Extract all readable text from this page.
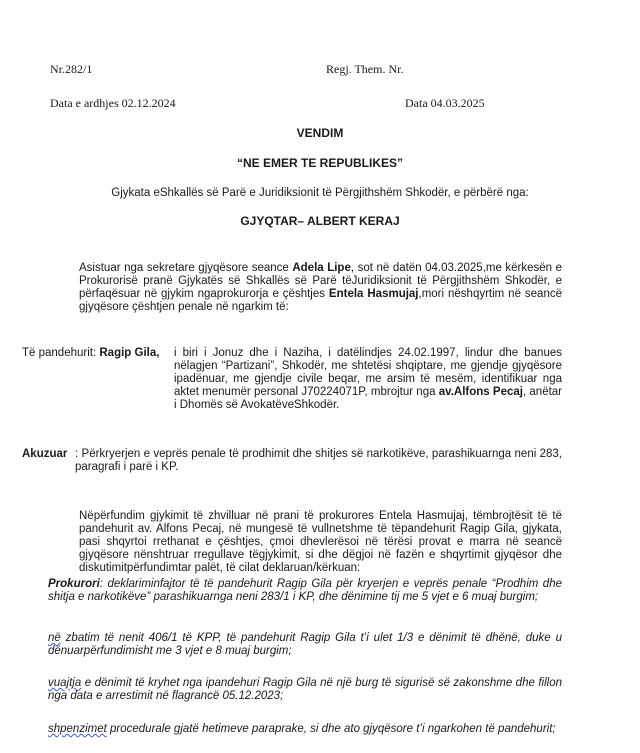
Nr.282/1	Regj. Them. Nr.
Data e ardhjes 02.12.2024	Data 04.03.2025
VENDIM
“NE EMER TE REPUBLIKES”
Gjykata eShkallës së Parë e Juridiksionit të Përgjithshëm Shkodër, e përbërë nga:
GJYQTAR– ALBERT KERAJ
Asistuar nga sekretare gjyqësore seance Adela Lipe, sot në datën 04.03.2025,me kërkesën e Prokurorisë pranë Gjykatës së Shkallës së Parë tëJuridiksionit të Përgjithshëm Shkodër, e përfaqësuar në gjykim ngaprokurorja e çështjes Entela Hasmujaj,mori nëshqyrtim në seancë gjyqësore çështjen penale në ngarkim të:
Të pandehurit: Ragip Gila, i biri i Jonuz dhe i Naziha, i datëlindjes 24.02.1997, lindur dhe banues nëlagjen “Partizani”, Shkodër, me shtetësi shqiptare, me gjendje gjyqësore ipadënuar, me gjendje civile beqar, me arsim të mesëm, identifikuar nga aktet menumër personal J70224071P, mbrojtur nga av.Alfons Pecaj, anëtar i Dhomës së AvokatëveShkodër.
Akuzuar : Përkryerjen e veprës penale të prodhimit dhe shitjes së narkotikëve, parashikuarnga neni 283, paragrafi i parë i KP.
Nëpërfundim gjykimit të zhvilluar në prani të prokurores Entela Hasmujaj, tëmbrojtësit të të pandehurit av. Alfons Pecaj, në mungesë të vullnetshme të tëpandehurit Ragip Gila, gjykata, pasi shqyrtoi rrethanat e çështjes, çmoi dhevlerësoi në tërësi provat e marra në seancë gjyqësore nënshtruar rregullave tëgjykimit, si dhe dëgjoi në fazën e shqyrtimit gjyqësor dhe diskutimitpërfundimtar palët, të cilat deklaruan/kërkuan:
Prokurori: deklariminfajtor të të pandehurit Ragip Gila për kryerjen e veprës penale “Prodhim dhe shitja e narkotikëve” parashikuarnga neni 283/1 i KP, dhe dënimine tij me 5 vjet e 6 muaj burgim;
në zbatim të nenit 406/1 të KPP, të pandehurit Ragip Gila t’i ulet 1/3 e dënimit të dhënë, duke u dënuarpërfundimisht me 3 vjet e 8 muaj burgim;
vuajtja e dënimit të kryhet nga ipandehuri Ragip Gila në një burg të sigurisë së zakonshme dhe fillon nga data e arrestimit në flagrancë 05.12.2023;
shpenzimet procedurale gjatë hetimeve paraprake, si dhe ato gjyqësore t’i ngarkohen të pandehurit;
